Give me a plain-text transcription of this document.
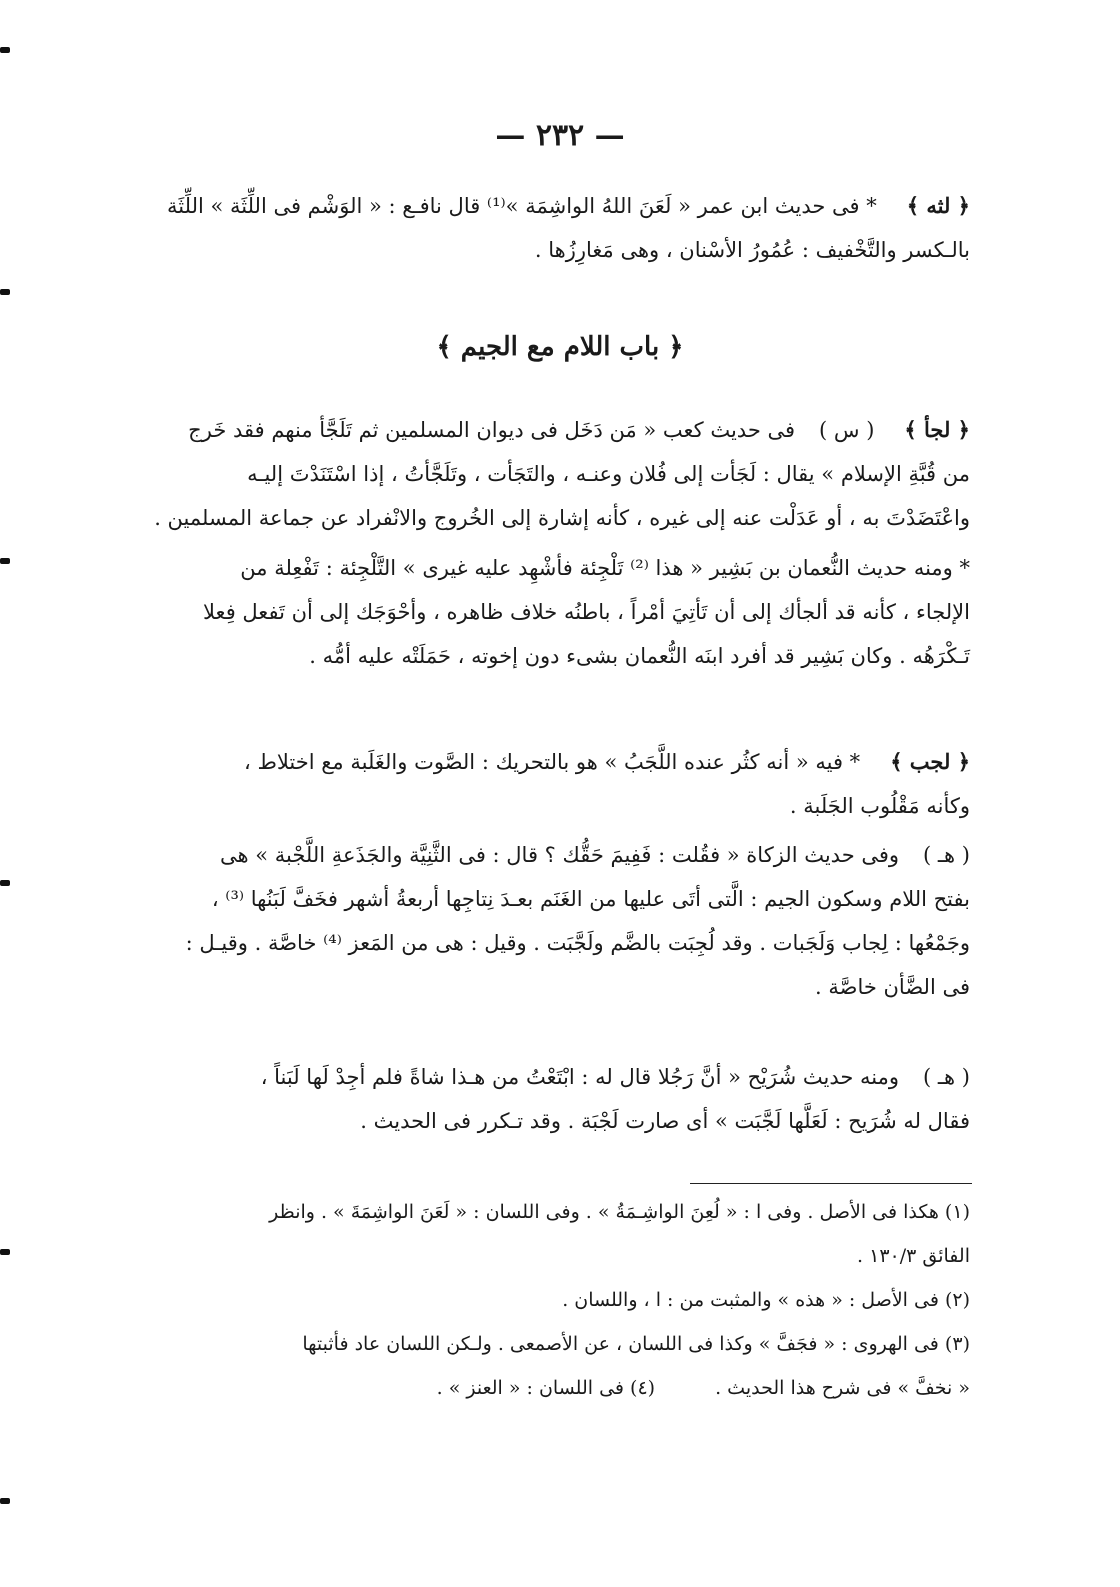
— ٢٣٢ —

﴿ لثه ﴾* فى حديث ابن عمر « لَعَنَ اللهُ الواشِمَة »⁽¹⁾ قال نافـع : « الوَشْم فى اللِّثَة » اللِّثَة

بالـكسر والتَّخْفيف : عُمُورُ الأسْنان ، وهى مَغارِزُها .

﴿ باب اللام مع الجيم ﴾

﴿ لجأ ﴾( س )فى حديث كعب « مَن دَخَل فى ديوان المسلمين ثم تَلَجَّأ منهم فقد خَرج

من قُبَّةِ الإسلام » يقال : لَجَأت إلى فُلان وعنـه ، والتَجَأت ، وتَلَجَّأتُ ، إذا اسْتَنَدْتَ إليـه

واعْتَضَدْتَ به ، أو عَدَلْت عنه إلى غيره ، كأنه إشارة إلى الخُروج والانْفراد عن جماعة المسلمين .

* ومنه حديث النُّعمان بن بَشِير « هذا ⁽²⁾ تَلْجِئة فأشْهِد عليه غيرى » التَّلْجِئة : تَفْعِلة من

الإلجاء ، كأنه قد ألجأك إلى أن تَأتِيَ أمْراً ، باطنُه خلاف ظاهره ، وأحْوَجَك إلى أن تَفعل فِعلا

تَـكْرَهُه . وكان بَشِير قد أفرد ابنَه النُّعمان بشىء دون إخوته ، حَمَلَتْه عليه أمُّه .

﴿ لجب ﴾* فيه « أنه كثُر عنده اللَّجَبُ » هو بالتحريك : الصَّوت والغَلَبة مع اختلاط ،

وكأنه مَقْلُوب الجَلَبة .

( هـ )وفى حديث الزكاة « فقُلت : فَفِيمَ حَقُّك ؟ قال : فى الثَّنِيَّة والجَذَعةِ اللَّجْبة » هى

بفتح اللام وسكون الجيم : الَّتى أتَى عليها من الغَنَم بعـدَ نِتاجِها أربعةُ أشهر فخَفَّ لَبَنُها ⁽³⁾ ،

وجَمْعُها : لِجاب وَلَجَبات . وقد لُجِبَت بالضَّم ولَجَّبَت . وقيل : هى من المَعز ⁽⁴⁾ خاصَّة . وقيـل :

فى الضَّأن خاصَّة .

( هـ )ومنه حديث شُرَيْح « أنَّ رَجُلا قال له : ابْتَعْتُ من هـذا شاةً فلم أجِدْ لَها لَبَناً ،

فقال له شُرَيح : لَعَلَّها لَجَّبَت » أى صارت لَجْبَة . وقد تـكرر فى الحديث .

(١) هكذا فى الأصل . وفى ا : « لُعِنَ الواشِـمَةُ » . وفى اللسان : « لَعَنَ الواشِمَةَ » . وانظر

الفائق ١٣٠/٣ .

(٢) فى الأصل : « هذه » والمثبت من : ا ، واللسان .

(٣) فى الهروى : « فجَفَّ » وكذا فى اللسان ، عن الأصمعى . ولـكن اللسان عاد فأثبتها

« نخفَّ » فى شرح هذا الحديث .(٤) فى اللسان : « العنز » .
